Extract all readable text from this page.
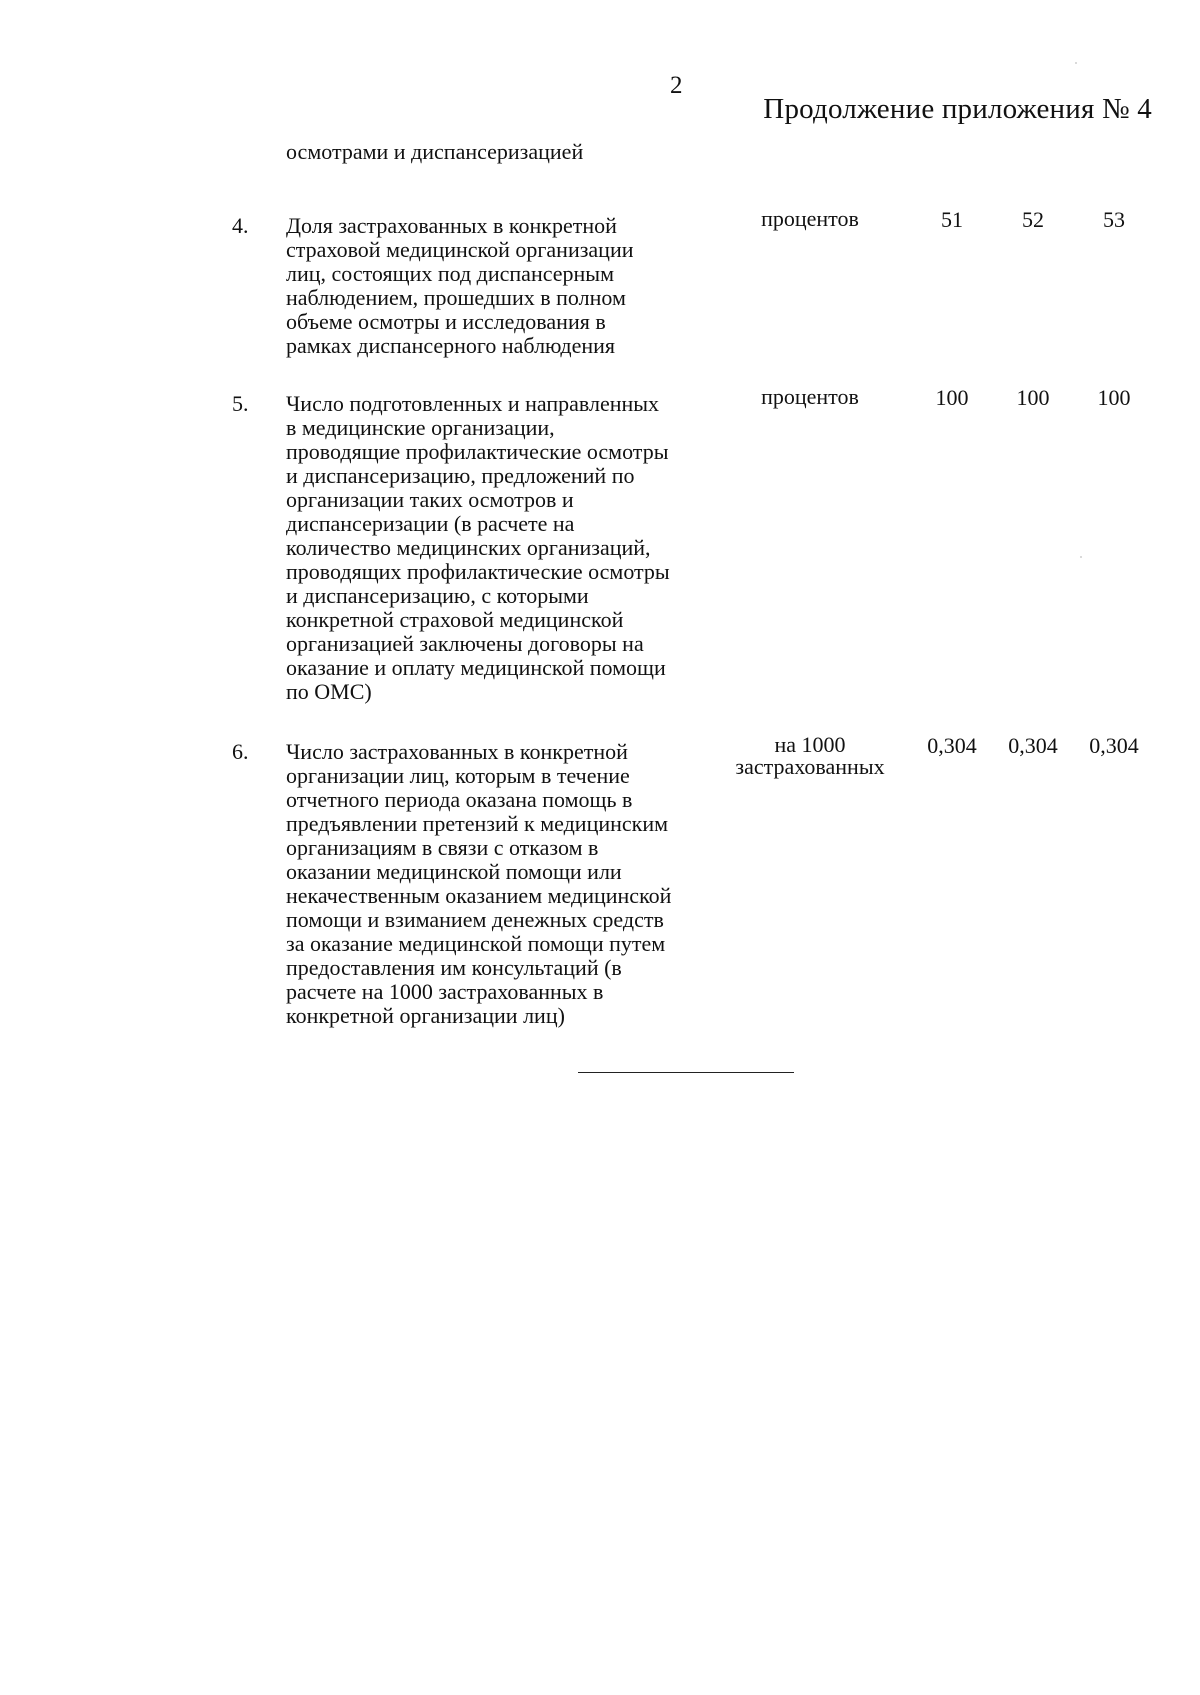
2
Продолжение приложения № 4
осмотрами и диспансеризацией
4. Доля застрахованных в конкретной
страховой медицинской организации
лиц, состоящих под диспансерным
наблюдением, прошедших в полном
объеме осмотры и исследования в
рамках диспансерного наблюдения
процентов	51	52	53
5. Число подготовленных и направленных
в медицинские организации,
проводящие профилактические осмотры
и диспансеризацию, предложений по
организации таких осмотров и
диспансеризации (в расчете на
количество медицинских организаций,
проводящих профилактические осмотры
и диспансеризацию, с которыми
конкретной страховой медицинской
организацией заключены договоры на
оказание и оплату медицинской помощи
по ОМС)
процентов	100	100	100
6. Число застрахованных в конкретной
организации лиц, которым в течение
отчетного периода оказана помощь в
предъявлении претензий к медицинским
организациям в связи с отказом в
оказании медицинской помощи или
некачественным оказанием медицинской
помощи и взиманием денежных средств
за оказание медицинской помощи путем
предоставления им консультаций (в
расчете на 1000 застрахованных в
конкретной организации лиц)
на 1000
застрахованных
0,304	0,304	0,304
